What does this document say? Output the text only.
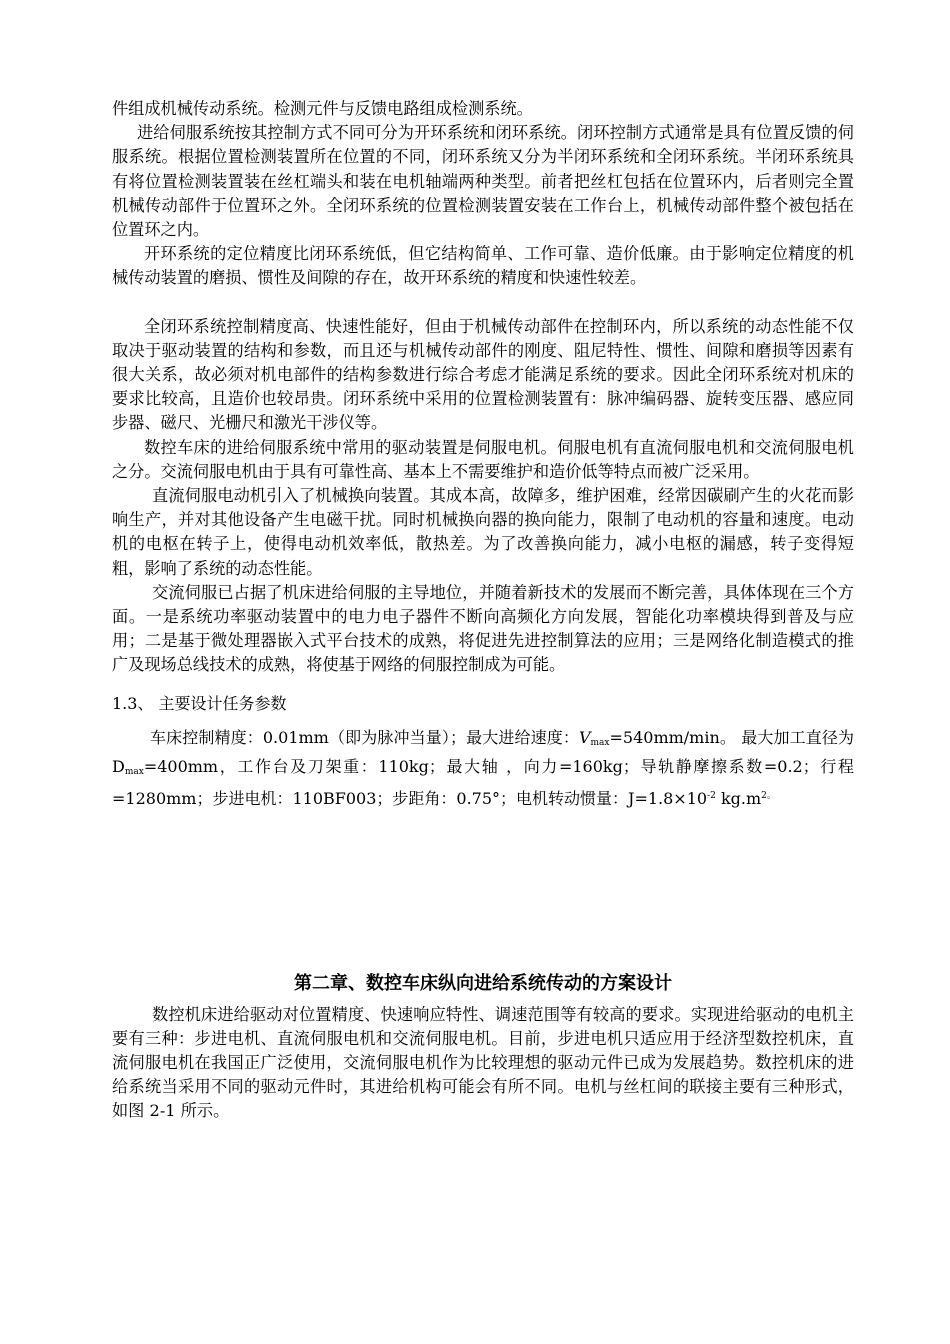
件组成机械传动系统。检测元件与反馈电路组成检测系统。

进给伺服系统按其控制方式不同可分为开环系统和闭环系统。闭环控制方式通常是具有位置反馈的伺服系统。根据位置检测装置所在位置的不同，闭环系统又分为半闭环系统和全闭环系统。半闭环系统具有将位置检测装置装在丝杠端头和装在电机轴端两种类型。前者把丝杠包括在位置环内，后者则完全置机械传动部件于位置环之外。全闭环系统的位置检测装置安装在工作台上，机械传动部件整个被包括在位置环之内。

开环系统的定位精度比闭环系统低，但它结构简单、工作可靠、造价低廉。由于影响定位精度的机械传动装置的磨损、惯性及间隙的存在，故开环系统的精度和快速性较差。

全闭环系统控制精度高、快速性能好，但由于机械传动部件在控制环内，所以系统的动态性能不仅取决于驱动装置的结构和参数，而且还与机械传动部件的刚度、阻尼特性、惯性、间隙和磨损等因素有很大关系，故必须对机电部件的结构参数进行综合考虑才能满足系统的要求。因此全闭环系统对机床的要求比较高，且造价也较昂贵。闭环系统中采用的位置检测装置有：脉冲编码器、旋转变压器、感应同步器、磁尺、光栅尺和激光干涉仪等。

数控车床的进给伺服系统中常用的驱动装置是伺服电机。伺服电机有直流伺服电机和交流伺服电机之分。交流伺服电机由于具有可靠性高、基本上不需要维护和造价低等特点而被广泛采用。

直流伺服电动机引入了机械换向装置。其成本高，故障多，维护困难，经常因碳刷产生的火花而影响生产，并对其他设备产生电磁干扰。同时机械换向器的换向能力，限制了电动机的容量和速度。电动机的电枢在转子上，使得电动机效率低，散热差。为了改善换向能力，减小电枢的漏感，转子变得短粗，影响了系统的动态性能。

交流伺服已占据了机床进给伺服的主导地位，并随着新技术的发展而不断完善，具体体现在三个方面。一是系统功率驱动装置中的电力电子器件不断向高频化方向发展，智能化功率模块得到普及与应用；二是基于微处理器嵌入式平台技术的成熟，将促进先进控制算法的应用；三是网络化制造模式的推广及现场总线技术的成熟，将使基于网络的伺服控制成为可能。

1.3、 主要设计任务参数

车床控制精度：0.01mm（即为脉冲当量）；最大进给速度：$V_{max}=540mm/\min$。 最大加工直径为$D_{max}=400mm$，工作台及刀架重：110kg；最大轴 ，向力=160kg；导轨静摩擦系数=0.2；行程=1280mm；步进电机：110BF003；步距角：0.75°；电机转动惯量：$J=1.8\times 10^{-2}$ $kg.m^{2。}$

第二章、数控车床纵向进给系统传动的方案设计

数控机床进给驱动对位置精度、快速响应特性、调速范围等有较高的要求。实现进给驱动的电机主要有三种：步进电机、直流伺服电机和交流伺服电机。目前，步进电机只适应用于经济型数控机床，直流伺服电机在我国正广泛使用，交流伺服电机作为比较理想的驱动元件已成为发展趋势。数控机床的进给系统当采用不同的驱动元件时，其进给机构可能会有所不同。电机与丝杠间的联接主要有三种形式，如图 2-1 所示。
